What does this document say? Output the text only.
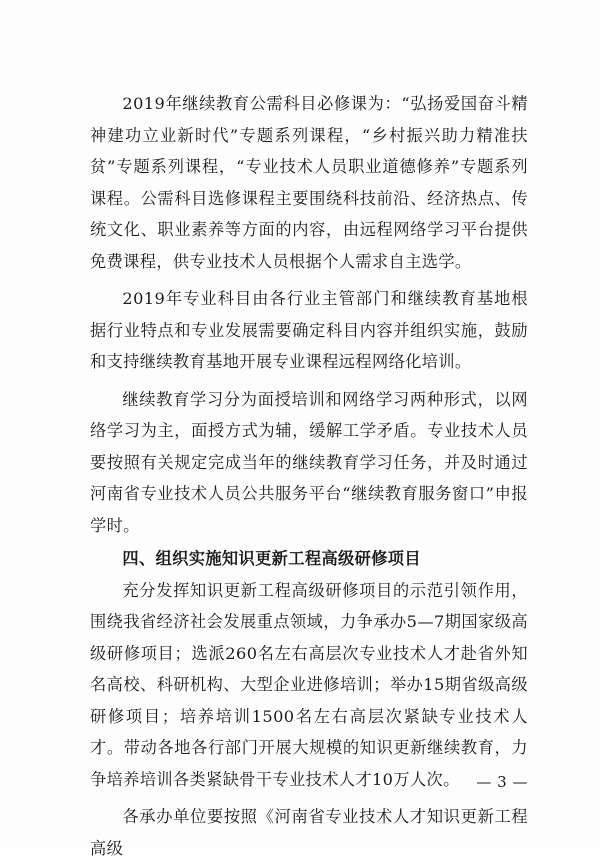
2019年继续教育公需科目必修课为：“弘扬爱国奋斗精神建功立业新时代”专题系列课程，“乡村振兴助力精准扶贫”专题系列课程，“专业技术人员职业道德修养”专题系列课程。公需科目选修课程主要围绕科技前沿、经济热点、传统文化、职业素养等方面的内容，由远程网络学习平台提供免费课程，供专业技术人员根据个人需求自主选学。

2019年专业科目由各行业主管部门和继续教育基地根据行业特点和专业发展需要确定科目内容并组织实施，鼓励和支持继续教育基地开展专业课程远程网络化培训。

继续教育学习分为面授培训和网络学习两种形式，以网络学习为主，面授方式为辅，缓解工学矛盾。专业技术人员要按照有关规定完成当年的继续教育学习任务，并及时通过河南省专业技术人员公共服务平台“继续教育服务窗口”申报学时。

四、组织实施知识更新工程高级研修项目

充分发挥知识更新工程高级研修项目的示范引领作用，围绕我省经济社会发展重点领域，力争承办5—7期国家级高级研修项目；选派260名左右高层次专业技术人才赴省外知名高校、科研机构、大型企业进修培训；举办15期省级高级研修项目；培养培训1500名左右高层次紧缺专业技术人才。带动各地各行部门开展大规模的知识更新继续教育，力争培养培训各类紧缺骨干专业技术人才10万人次。

各承办单位要按照《河南省专业技术人才知识更新工程高级

— 3 —
